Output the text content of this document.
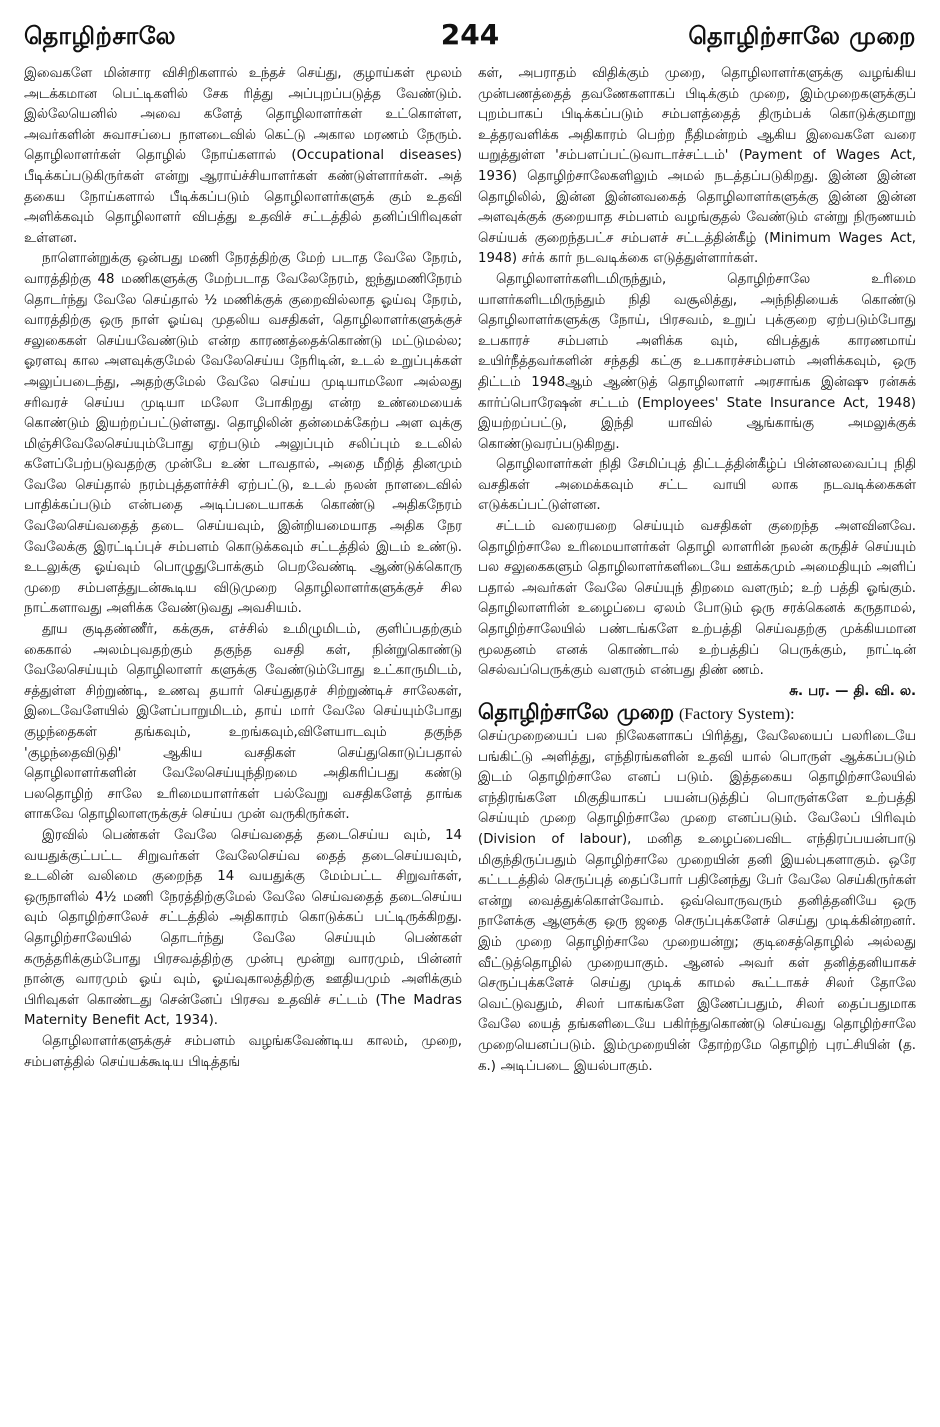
தொழிற்சாலே	244	தொழிற்சாலே முறை

இவைகளே மின்சார விசிறிகளால் உந்தச் செய்து, குழாய்கள் மூலம் அடக்கமான பெட்டிகளில் சேக ரித்து அப்புறப்படுத்த வேண்டும். இல்லேயெனில் அவை களேத் தொழிலாளர்கள் உட்கொள்ள, அவர்களின் சுவாசப்பை நாளடைவில் கெட்டு அகால மரணம் நேரும். தொழிலாளர்கள் தொழில் நோய்களால் (Occupational diseases) பீடிக்கப்படுகிருர்கள் என்று ஆராய்ச்சியாளர்கள் கண்டுள்ளார்கள். அத் தகைய நோய்களால் பீடிக்கப்படும் தொழிலாளர்களுக் கும் உதவி அளிக்கவும் தொழிலாளர் விபத்து உதவிச் சட்டத்தில் தனிப்பிரிவுகள் உள்ளன.

நாளொன்றுக்கு ஒன்பது மணி நேரத்திற்கு மேற் படாத வேலே நேரம், வாரத்திற்கு 48 மணிகளுக்கு மேற்படாத வேலேநேரம், ஐந்துமணிநேரம் தொடர்ந்து வேலே செய்தால் ½ மணிக்குக் குறைவில்லாத ஓய்வு நேரம், வாரத்திற்கு ஒரு நாள் ஓய்வு முதலிய வசதிகள், தொழிலாளர்களுக்குச் சலுகைகள் செய்யவேண்டும் என்ற காரணத்தைக்கொண்டு மட்டுமல்ல; ஓரளவு கால அளவுக்குமேல் வேலேசெய்ய நேரிடின், உடல் உறுப்புக்கள் அலுப்படைந்து, அதற்குமேல் வேலே செய்ய முடியாமலோ அல்லது சரிவரச் செய்ய முடியா மலோ போகிறது என்ற உண்மையைக் கொண்டும் இயற்றப்பட்டுள்ளது. தொழிலின் தன்மைக்கேற்ப அள வுக்கு மிஞ்சிவேலேசெய்யும்போது ஏற்படும் அலுப்பும் சலிப்பும் உடலில் களேப்பேற்படுவதற்கு முன்பே உண் டாவதால், அதை மீறித் தினமும் வேலே செய்தால் நரம்புத்தளர்ச்சி ஏற்பட்டு, உடல் நலன் நாளடைவில் பாதிக்கப்படும் என்பதை அடிப்படையாகக் கொண்டு அதிகநேரம் வேலேசெய்வதைத் தடை செய்யவும், இன்றியமையாத அதிக நேர வேலேக்கு இரட்டிப்புச் சம்பளம் கொடுக்கவும் சட்டத்தில் இடம் உண்டு. உடலுக்கு ஓய்வும் பொழுதுபோக்கும் பெறவேண்டி ஆண்டுக்கொரு முறை சம்பளத்துடன்கூடிய விடுமுறை தொழிலாளர்களுக்குச் சில நாட்களாவது அளிக்க வேண்டுவது அவசியம்.

தூய குடிதண்ணீர், கக்குசு, எச்சில் உமிழுமிடம், குளிப்பதற்கும் கைகால் அலம்புவதற்கும் தகுந்த வசதி கள், நின்றுகொண்டு வேலேசெய்யும் தொழிலாளர் களுக்கு வேண்டும்போது உட்காருமிடம், சத்துள்ள சிற்றுண்டி, உணவு தயார் செய்துதரச் சிற்றுண்டிச் சாலேகள், இடைவேளேயில் இளேப்பாறுமிடம், தாய் மார் வேலே செய்யும்போது குழந்தைகள் தங்கவும், உறங்கவும்,விளேயாடவும் தகுந்த 'குழந்தைவிடுதி' ஆகிய வசதிகள் செய்துகொடுப்பதால் தொழிலாளர்களின் வேலேசெய்யுந்திறமை அதிகரிப்பது கண்டு பலதொழிற் சாலே உரிமையாளர்கள் பல்வேறு வசதிகளேத் தாங்க ளாகவே தொழிலாளருக்குச் செய்ய முன் வருகிருர்கள்.

இரவில் பெண்கள் வேலே செய்வதைத் தடைசெய்ய வும், 14 வயதுக்குட்பட்ட சிறுவர்கள் வேலேசெய்வ தைத் தடைசெய்யவும், உடலின் வலிமை குறைந்த 14 வயதுக்கு மேம்பட்ட சிறுவர்கள், ஒருநாளில் 4½ மணி நேரத்திற்குமேல் வேலே செய்வதைத் தடைசெய்ய வும் தொழிற்சாலேச் சட்டத்தில் அதிகாரம் கொடுக்கப் பட்டிருக்கிறது. தொழிற்சாலேயில் தொடர்ந்து வேலே செய்யும் பெண்கள் கருத்தரிக்கும்போது பிரசவத்திற்கு முன்பு மூன்று வாரமும், பின்னர் நான்கு வாரமும் ஓய் வும், ஓய்வுகாலத்திற்கு ஊதியமும் அளிக்கும் பிரிவுகள் கொண்டது சென்னேப் பிரசவ உதவிச் சட்டம் (The Madras Maternity Benefit Act, 1934).

தொழிலாளர்களுக்குச் சம்பளம் வழங்கவேண்டிய காலம், முறை, சம்பளத்தில் செய்யக்கூடிய பிடித்தங்

கள், அபராதம் விதிக்கும் முறை, தொழிலாளர்களுக்கு வழங்கிய முன்பணத்தைத் தவணேகளாகப் பிடிக்கும் முறை, இம்முறைகளுக்குப் புறம்பாகப் பிடிக்கப்படும் சம்பளத்தைத் திரும்பக் கொடுக்குமாறு உத்தரவளிக்க அதிகாரம் பெற்ற நீதிமன்றம் ஆகிய இவைகளே வரை யறுத்துள்ள 'சம்பளப்பட்டுவாடாச்சட்டம்' (Payment of Wages Act, 1936) தொழிற்சாலேகளிலும் அமல் நடத்தப்படுகிறது. இன்ன இன்ன தொழிலில், இன்ன இன்னவகைத் தொழிலாளர்களுக்கு இன்ன இன்ன அளவுக்குக் குறையாத சம்பளம் வழங்குதல் வேண்டும் என்று நிருணயம் செய்யக் குறைந்தபட்ச சம்பளச் சட்டத்தின்கீழ் (Minimum Wages Act, 1948) சர்க் கார் நடவடிக்கை எடுத்துள்ளார்கள்.

தொழிலாளர்களிடமிருந்தும், தொழிற்சாலே உரிமை யாளர்களிடமிருந்தும் நிதி வசூலித்து, அந்நிதியைக் கொண்டு தொழிலாளர்களுக்கு நோய், பிரசவம், உறுப் புக்குறை ஏற்படும்போது உபகாரச் சம்பளம் அளிக்க வும், விபத்துக் காரணமாய் உயிர்நீத்தவர்களின் சந்ததி கட்கு உபகாரச்சம்பளம் அளிக்கவும், ஒரு திட்டம் 1948ஆம் ஆண்டுத் தொழிலாளர் அரசாங்க இன்ஷு ரன்சுக் கார்ப்பொரேஷன் சட்டம் (Employees' State Insurance Act, 1948) இயற்றப்பட்டு, இந்தி யாவில் ஆங்காங்கு அமலுக்குக் கொண்டுவரப்படுகிறது.

தொழிலாளர்கள் நிதி சேமிப்புத் திட்டத்தின்கீழ்ப் பின்னலவைப்பு நிதி வசதிகள் அமைக்கவும் சட்ட வாயி லாக நடவடிக்கைகள் எடுக்கப்பட்டுள்ளன.

சட்டம் வரையறை செய்யும் வசதிகள் குறைந்த அளவினவே. தொழிற்சாலே உரிமையாளர்கள் தொழி லாளரின் நலன் கருதிச் செய்யும் பல சலுகைகளும் தொழிலாளர்களிடையே ஊக்கமும் அமைதியும் அளிப் பதால் அவர்கள் வேலே செய்யுந் திறமை வளரும்; உற் பத்தி ஓங்கும். தொழிலாளரின் உழைப்பை ஏலம் போடும் ஒரு சரக்கெனக் கருதாமல், தொழிற்சாலேயில் பண்டங்களே உற்பத்தி செய்வதற்கு முக்கியமான மூலதனம் எனக் கொண்டால் உற்பத்திப் பெருக்கும், நாட்டின் செல்வப்பெருக்கும் வளரும் என்பது திண் ணம்.

சு. பர. — தி. வி. ல.

தொழிற்சாலே முறை (Factory System):

செய்முறையைப் பல நிலேகளாகப் பிரித்து, வேலேயைப் பலரிடையே பங்கிட்டு அளித்து, எந்திரங்களின் உதவி யால் பொருள் ஆக்கப்படும் இடம் தொழிற்சாலே எனப் படும். இத்தகைய தொழிற்சாலேயில் எந்திரங்களே மிகுதியாகப் பயன்படுத்திப் பொருள்களே உற்பத்தி செய்யும் முறை தொழிற்சாலே முறை எனப்படும். வேலேப் பிரிவும் (Division of labour), மனித உழைப்பைவிட எந்திரப்பயன்பாடு மிகுந்திருப்பதும் தொழிற்சாலே முறையின் தனி இயல்புகளாகும். ஒரே கட்டடத்தில் செருப்புத் தைப்போர் பதினேந்து பேர் வேலே செய்கிருர்கள் என்று வைத்துக்கொள்வோம். ஒவ்வொருவரும் தனித்தனியே ஒரு நாளேக்கு ஆளுக்கு ஒரு ஜதை செருப்புக்களேச் செய்து முடிக்கின்றனர். இம் முறை தொழிற்சாலே முறையன்று; குடிசைத்தொழில் அல்லது வீட்டுத்தொழில் முறையாகும். ஆனல் அவர் கள் தனித்தனியாகச் செருப்புக்களேச் செய்து முடிக் காமல் கூட்டாகச் சிலர் தோலே வெட்டுவதும், சிலர் பாகங்களே இணேப்பதும், சிலர் தைப்பதுமாக வேலே யைத் தங்களிடையே பகிர்ந்துகொண்டு செய்வது தொழிற்சாலே முறையெனப்படும். இம்முறையின் தோற்றமே தொழிற் புரட்சியின் (த. க.) அடிப்படை இயல்பாகும்.
